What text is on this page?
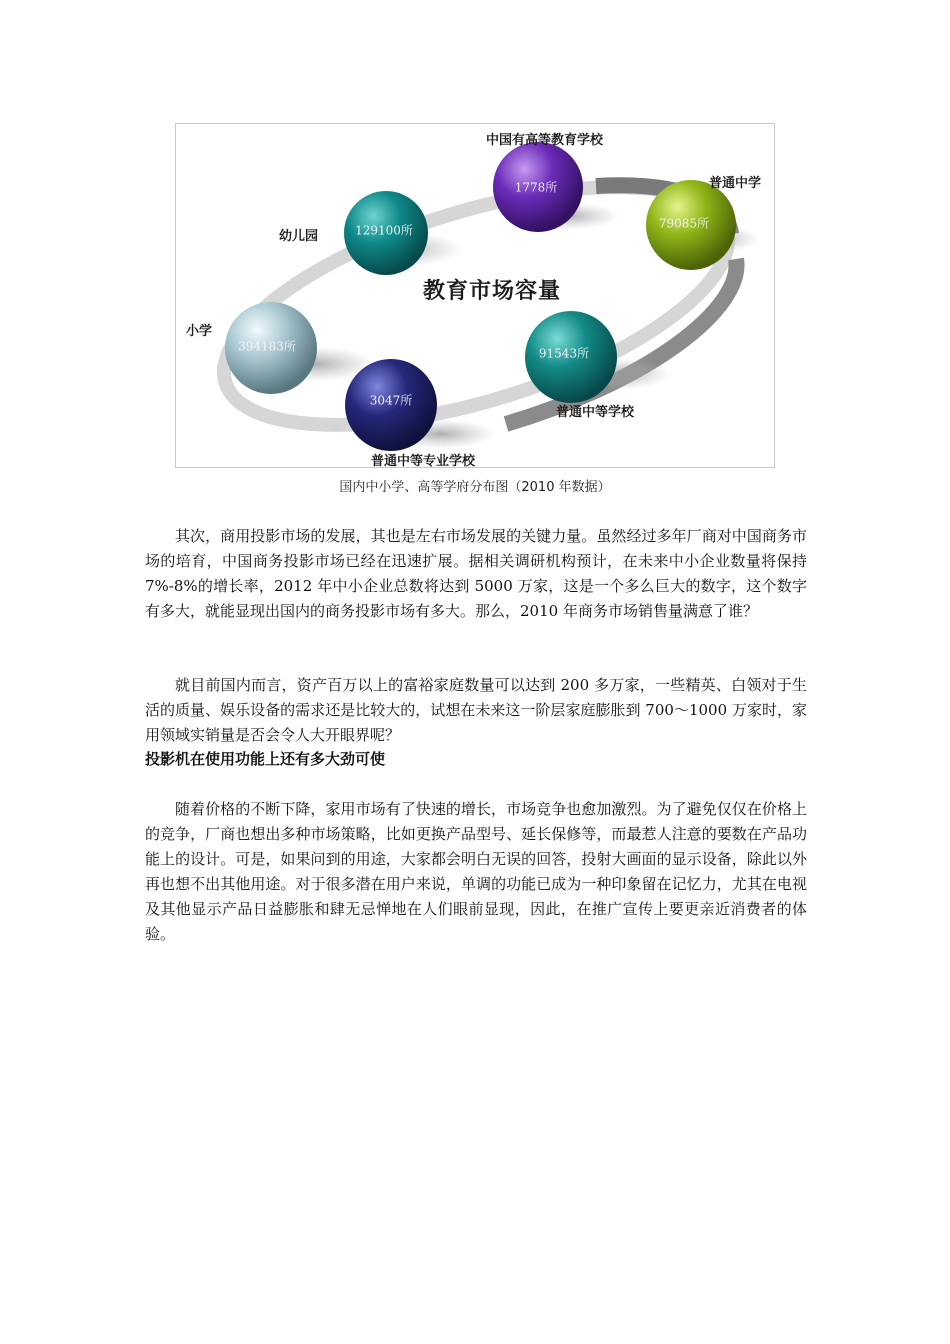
教育市场容量
幼儿园
中国有高等教育学校
普通中学
小学
普通中等专业学校
普通中等学校
129100所
1778所
79085所
394183所
3047所
91543所
国内中小学、高等学府分布图（2010 年数据）

其次，商用投影市场的发展，其也是左右市场发展的关键力量。虽然经过多年厂商对中国商务市场的培育，中国商务投影市场已经在迅速扩展。据相关调研机构预计，在未来中小企业数量将保持 7%-8%的增长率，2012 年中小企业总数将达到 5000 万家，这是一个多么巨大的数字，这个数字有多大，就能显现出国内的商务投影市场有多大。那么，2010 年商务市场销售量满意了谁？

就目前国内而言，资产百万以上的富裕家庭数量可以达到 200 多万家，一些精英、白领对于生活的质量、娱乐设备的需求还是比较大的，试想在未来这一阶层家庭膨胀到 700～1000 万家时，家用领域实销量是否会令人大开眼界呢？

投影机在使用功能上还有多大劲可使

随着价格的不断下降，家用市场有了快速的增长，市场竞争也愈加激烈。为了避免仅仅在价格上的竞争，厂商也想出多种市场策略，比如更换产品型号、延长保修等，而最惹人注意的要数在产品功能上的设计。可是，如果问到的用途，大家都会明白无误的回答，投射大画面的显示设备，除此以外再也想不出其他用途。对于很多潜在用户来说，单调的功能已成为一种印象留在记忆力，尤其在电视及其他显示产品日益膨胀和肆无忌惮地在人们眼前显现，因此，在推广宣传上要更亲近消费者的体验。
